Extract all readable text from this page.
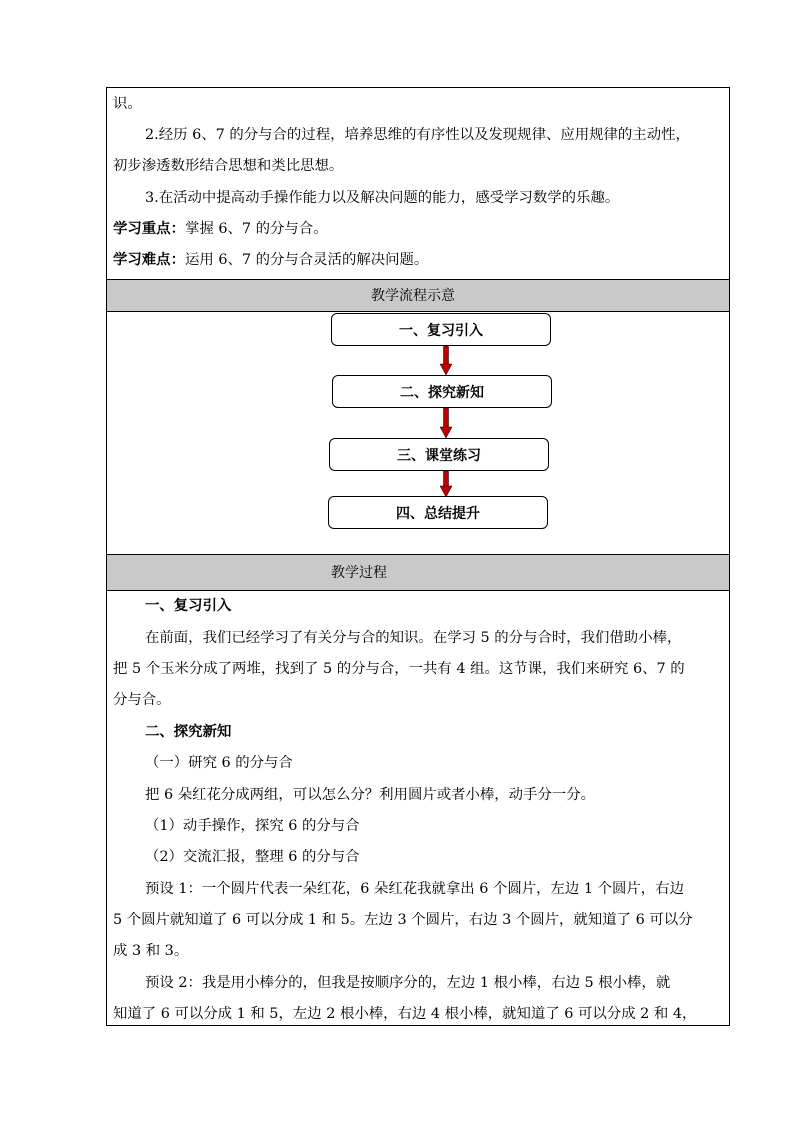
识。
2.经历 6、7 的分与合的过程，培养思维的有序性以及发现规律、应用规律的主动性，
初步渗透数形结合思想和类比思想。
3.在活动中提高动手操作能力以及解决问题的能力，感受学习数学的乐趣。
学习重点：掌握 6、7 的分与合。
学习难点：运用 6、7 的分与合灵活的解决问题。
教学流程示意
一、复习引入
二、探究新知
三、课堂练习
四、总结提升
教学过程
一、复习引入
在前面，我们已经学习了有关分与合的知识。在学习 5 的分与合时，我们借助小棒，
把 5 个玉米分成了两堆，找到了 5 的分与合，一共有 4 组。这节课，我们来研究 6、7 的
分与合。
二、探究新知
（一）研究 6 的分与合
把 6 朵红花分成两组，可以怎么分？利用圆片或者小棒，动手分一分。
（1）动手操作，探究 6 的分与合
（2）交流汇报，整理 6 的分与合
预设 1：一个圆片代表一朵红花，6 朵红花我就拿出 6 个圆片，左边 1 个圆片，右边
5 个圆片就知道了 6 可以分成 1 和 5。左边 3 个圆片，右边 3 个圆片，就知道了 6 可以分
成 3 和 3。
预设 2：我是用小棒分的，但我是按顺序分的，左边 1 根小棒，右边 5 根小棒，就
知道了 6 可以分成 1 和 5，左边 2 根小棒，右边 4 根小棒，就知道了 6 可以分成 2 和 4，
